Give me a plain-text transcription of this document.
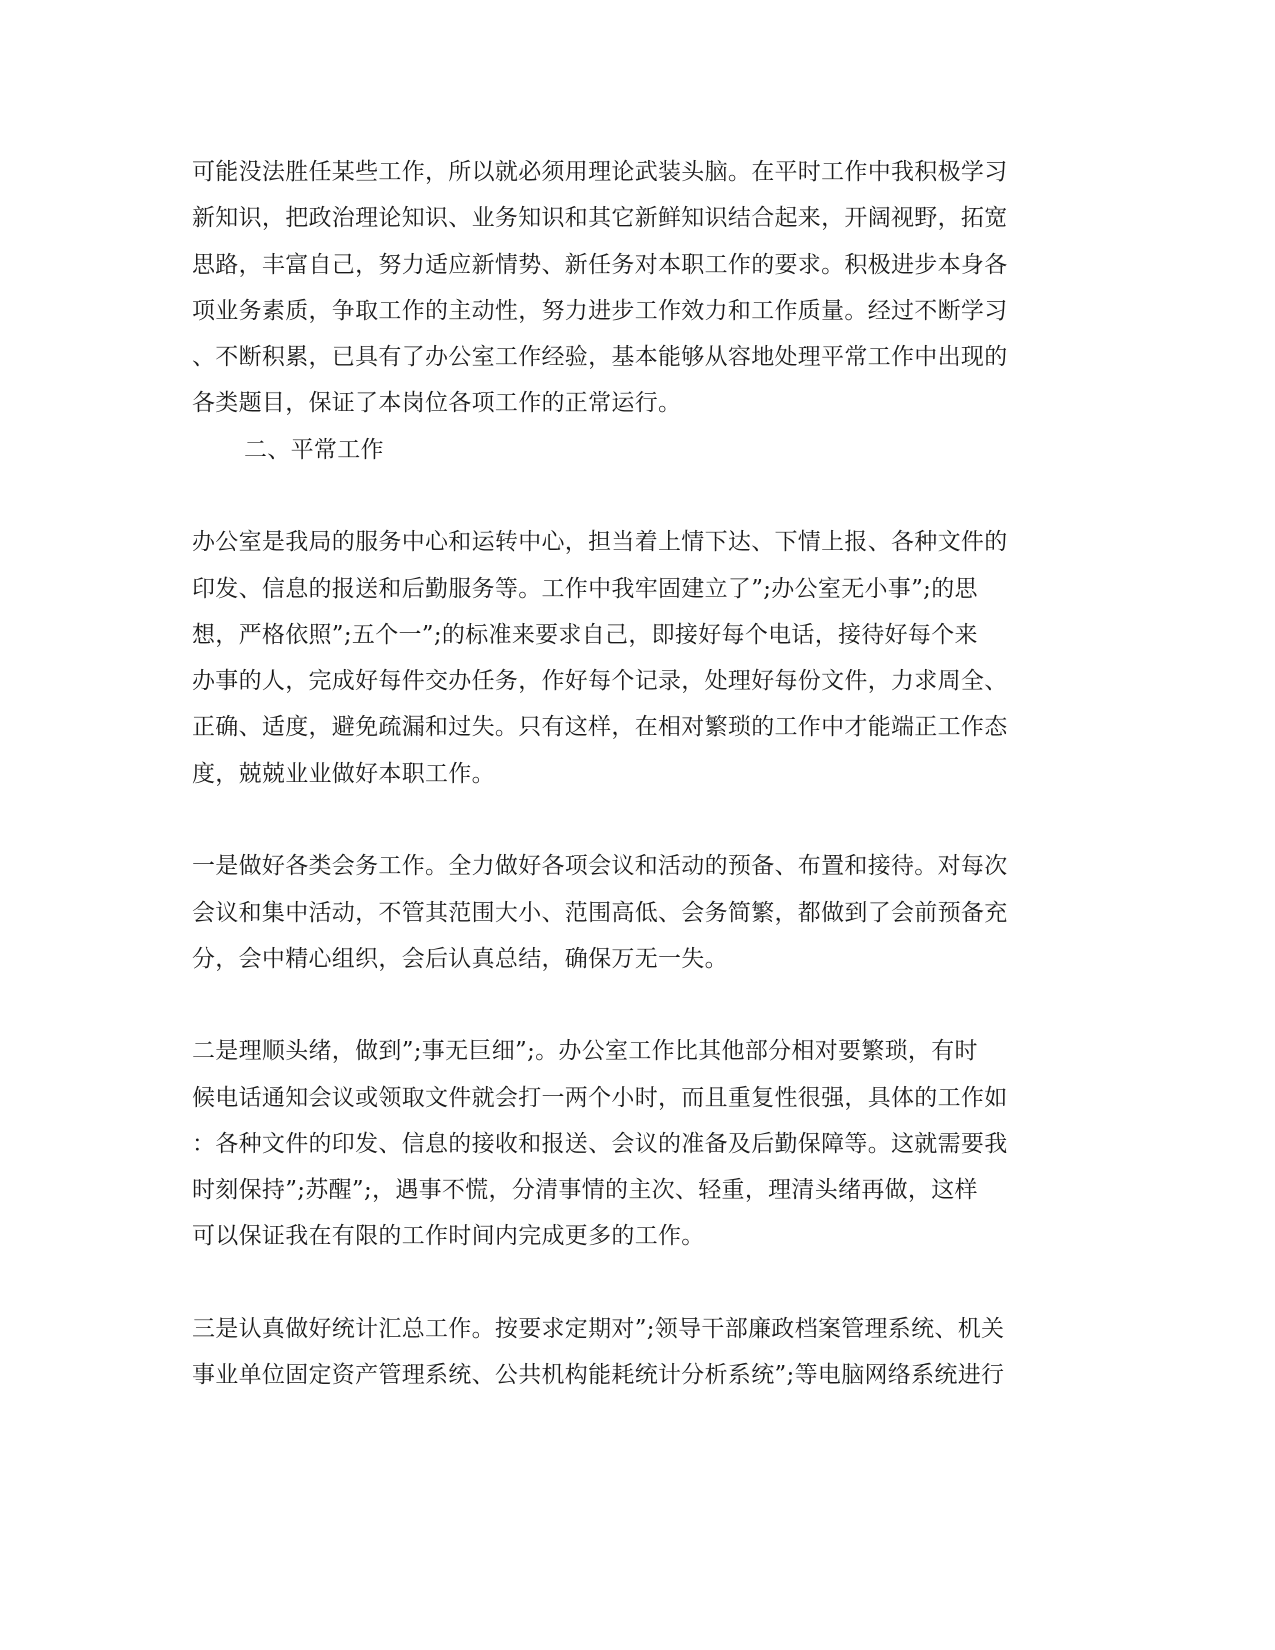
可能没法胜任某些工作，所以就必须用理论武装头脑。在平时工作中我积极学习
新知识，把政治理论知识、业务知识和其它新鲜知识结合起来，开阔视野，拓宽
思路，丰富自己，努力适应新情势、新任务对本职工作的要求。积极进步本身各
项业务素质，争取工作的主动性，努力进步工作效力和工作质量。经过不断学习
、不断积累，已具有了办公室工作经验，基本能够从容地处理平常工作中出现的
各类题目，保证了本岗位各项工作的正常运行。
二、平常工作
办公室是我局的服务中心和运转中心，担当着上情下达、下情上报、各种文件的
印发、信息的报送和后勤服务等。工作中我牢固建立了”;办公室无小事”;的思
想，严格依照”;五个一”;的标准来要求自己，即接好每个电话，接待好每个来
办事的人，完成好每件交办任务，作好每个记录，处理好每份文件，力求周全、
正确、适度，避免疏漏和过失。只有这样，在相对繁琐的工作中才能端正工作态
度，兢兢业业做好本职工作。
一是做好各类会务工作。全力做好各项会议和活动的预备、布置和接待。对每次
会议和集中活动，不管其范围大小、范围高低、会务简繁，都做到了会前预备充
分，会中精心组织，会后认真总结，确保万无一失。
二是理顺头绪，做到”;事无巨细”;。办公室工作比其他部分相对要繁琐，有时
候电话通知会议或领取文件就会打一两个小时，而且重复性很强，具体的工作如
：各种文件的印发、信息的接收和报送、会议的准备及后勤保障等。这就需要我
时刻保持”;苏醒”;，遇事不慌，分清事情的主次、轻重，理清头绪再做，这样
可以保证我在有限的工作时间内完成更多的工作。
三是认真做好统计汇总工作。按要求定期对”;领导干部廉政档案管理系统、机关
事业单位固定资产管理系统、公共机构能耗统计分析系统”;等电脑网络系统进行
